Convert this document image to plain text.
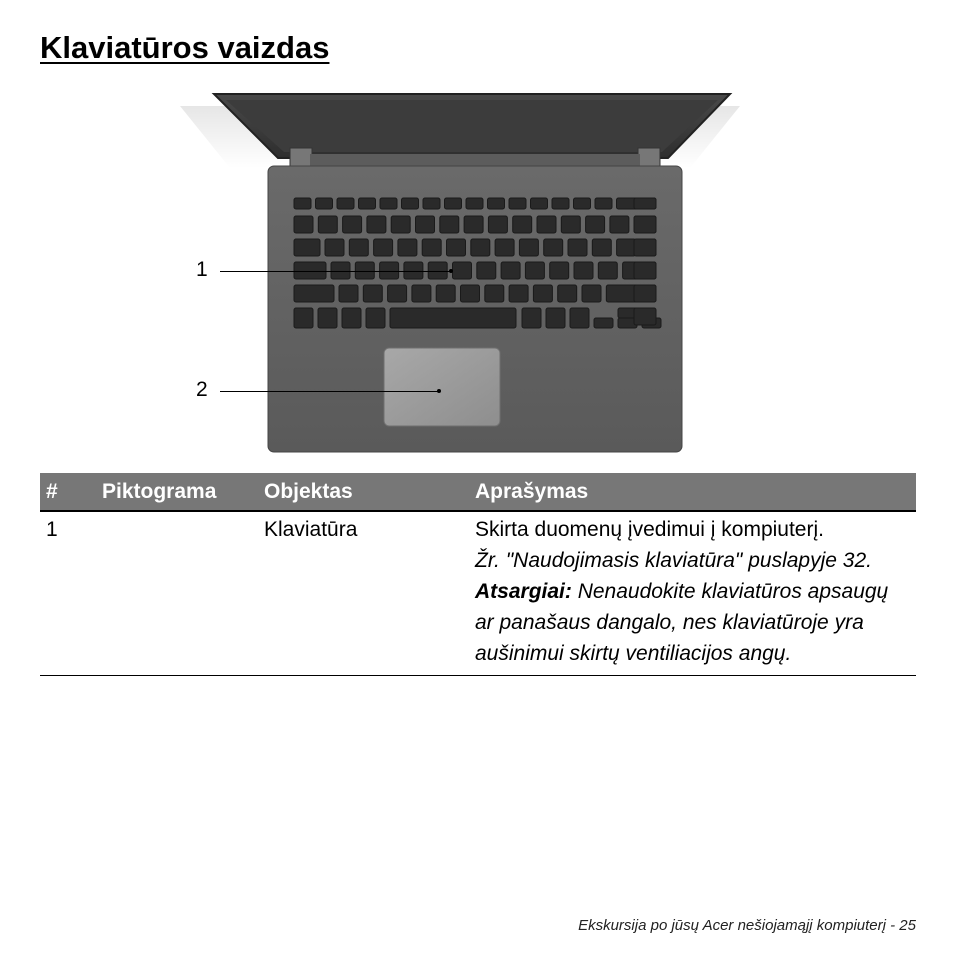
Klaviatūros vaizdas
1
2
#	Piktograma	Objektas	Aprašymas
1		Klaviatūra	Skirta duomenų įvedimui į kompiuterį.

Žr. "Naudojimasis klaviatūra" puslapyje 32.

Atsargiai: Nenaudokite klaviatūros apsaugų ar panašaus dangalo, nes klaviatūroje yra aušinimui skirtų ventiliacijos angų.

Ekskursija po jūsų Acer nešiojamąjį kompiuterį - 25
